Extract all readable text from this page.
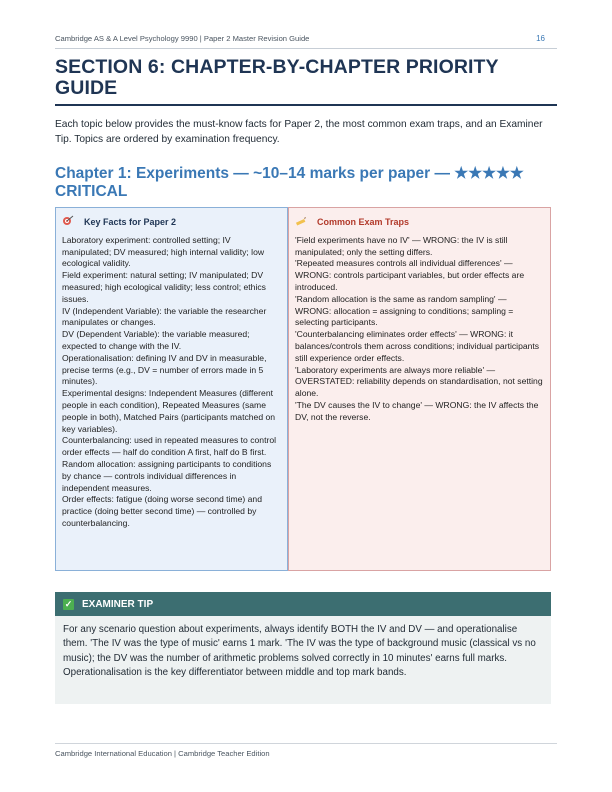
Cambridge AS & A Level Psychology 9990 | Paper 2 Master Revision Guide	16
SECTION 6: CHAPTER-BY-CHAPTER PRIORITY GUIDE

Each topic below provides the must-know facts for Paper 2, the most common exam traps, and an Examiner Tip. Topics are ordered by examination frequency.

Chapter 1: Experiments — ~10–14 marks per paper — ★★★★★ CRITICAL
Key Facts for Paper 2

Laboratory experiment: controlled setting; IV manipulated; DV measured; high internal validity; low ecological validity.

Field experiment: natural setting; IV manipulated; DV measured; high ecological validity; less control; ethics issues.

IV (Independent Variable): the variable the researcher manipulates or changes.

DV (Dependent Variable): the variable measured; expected to change with the IV.

Operationalisation: defining IV and DV in measurable, precise terms (e.g., DV = number of errors made in 5 minutes).

Experimental designs: Independent Measures (different people in each condition), Repeated Measures (same people in both), Matched Pairs (participants matched on key variables).

Counterbalancing: used in repeated measures to control order effects — half do condition A first, half do B first.

Random allocation: assigning participants to conditions by chance — controls individual differences in independent measures.

Order effects: fatigue (doing worse second time) and practice (doing better second time) — controlled by counterbalancing.

Common Exam Traps

'Field experiments have no IV' — WRONG: the IV is still manipulated; only the setting differs.

'Repeated measures controls all individual differences' — WRONG: controls participant variables, but order effects are introduced.

'Random allocation is the same as random sampling' — WRONG: allocation = assigning to conditions; sampling = selecting participants.

'Counterbalancing eliminates order effects' — WRONG: it balances/controls them across conditions; individual participants still experience order effects.

'Laboratory experiments are always more reliable' — OVERSTATED: reliability depends on standardisation, not setting alone.

'The DV causes the IV to change' — WRONG: the IV affects the DV, not the reverse.

✓ EXAMINER TIP
For any scenario question about experiments, always identify BOTH the IV and DV — and operationalise them. 'The IV was the type of music' earns 1 mark. 'The IV was the type of background music (classical vs no music); the DV was the number of arithmetic problems solved correctly in 10 minutes' earns full marks. Operationalisation is the key differentiator between middle and top mark bands.
Cambridge International Education | Cambridge Teacher Edition
